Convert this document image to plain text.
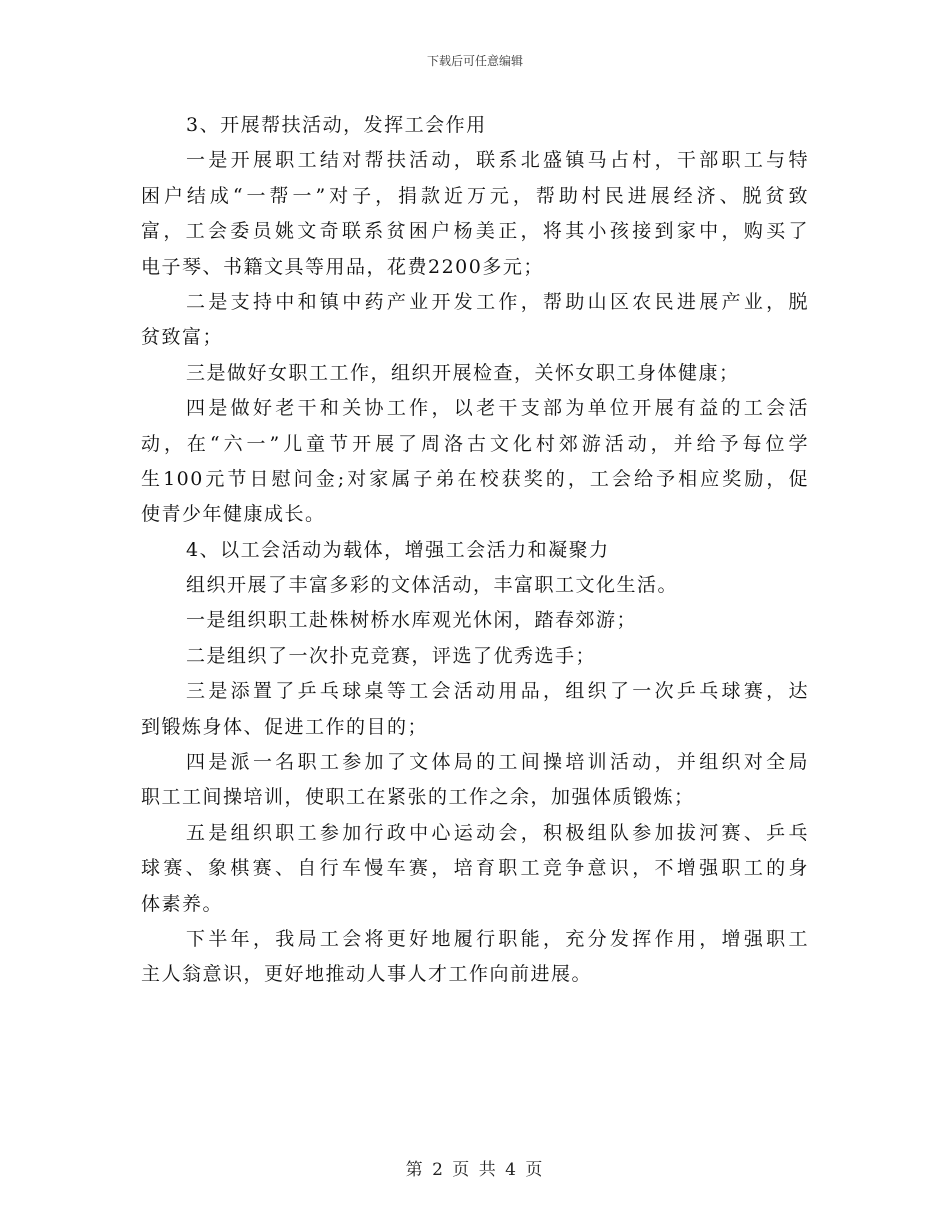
下载后可任意编辑
3、开展帮扶活动，发挥工会作用
一是开展职工结对帮扶活动，联系北盛镇马占村，干部职工与特
困户结成“一帮一”对子，捐款近万元，帮助村民进展经济、脱贫致
富，工会委员姚文奇联系贫困户杨美正，将其小孩接到家中，购买了
电子琴、书籍文具等用品，花费2200多元；
二是支持中和镇中药产业开发工作，帮助山区农民进展产业，脱
贫致富；
三是做好女职工工作，组织开展检查，关怀女职工身体健康；
四是做好老干和关协工作，以老干支部为单位开展有益的工会活
动，在“六一”儿童节开展了周洛古文化村郊游活动，并给予每位学
生100元节日慰问金;对家属子弟在校获奖的，工会给予相应奖励，促
使青少年健康成长。
4、以工会活动为载体，增强工会活力和凝聚力
组织开展了丰富多彩的文体活动，丰富职工文化生活。
一是组织职工赴株树桥水库观光休闲，踏春郊游；
二是组织了一次扑克竞赛，评选了优秀选手；
三是添置了乒乓球桌等工会活动用品，组织了一次乒乓球赛，达
到锻炼身体、促进工作的目的；
四是派一名职工参加了文体局的工间操培训活动，并组织对全局
职工工间操培训，使职工在紧张的工作之余，加强体质锻炼；
五是组织职工参加行政中心运动会，积极组队参加拔河赛、乒乓
球赛、象棋赛、自行车慢车赛，培育职工竞争意识，不增强职工的身
体素养。
下半年，我局工会将更好地履行职能，充分发挥作用，增强职工
主人翁意识，更好地推动人事人才工作向前进展。
第 2 页 共 4 页
